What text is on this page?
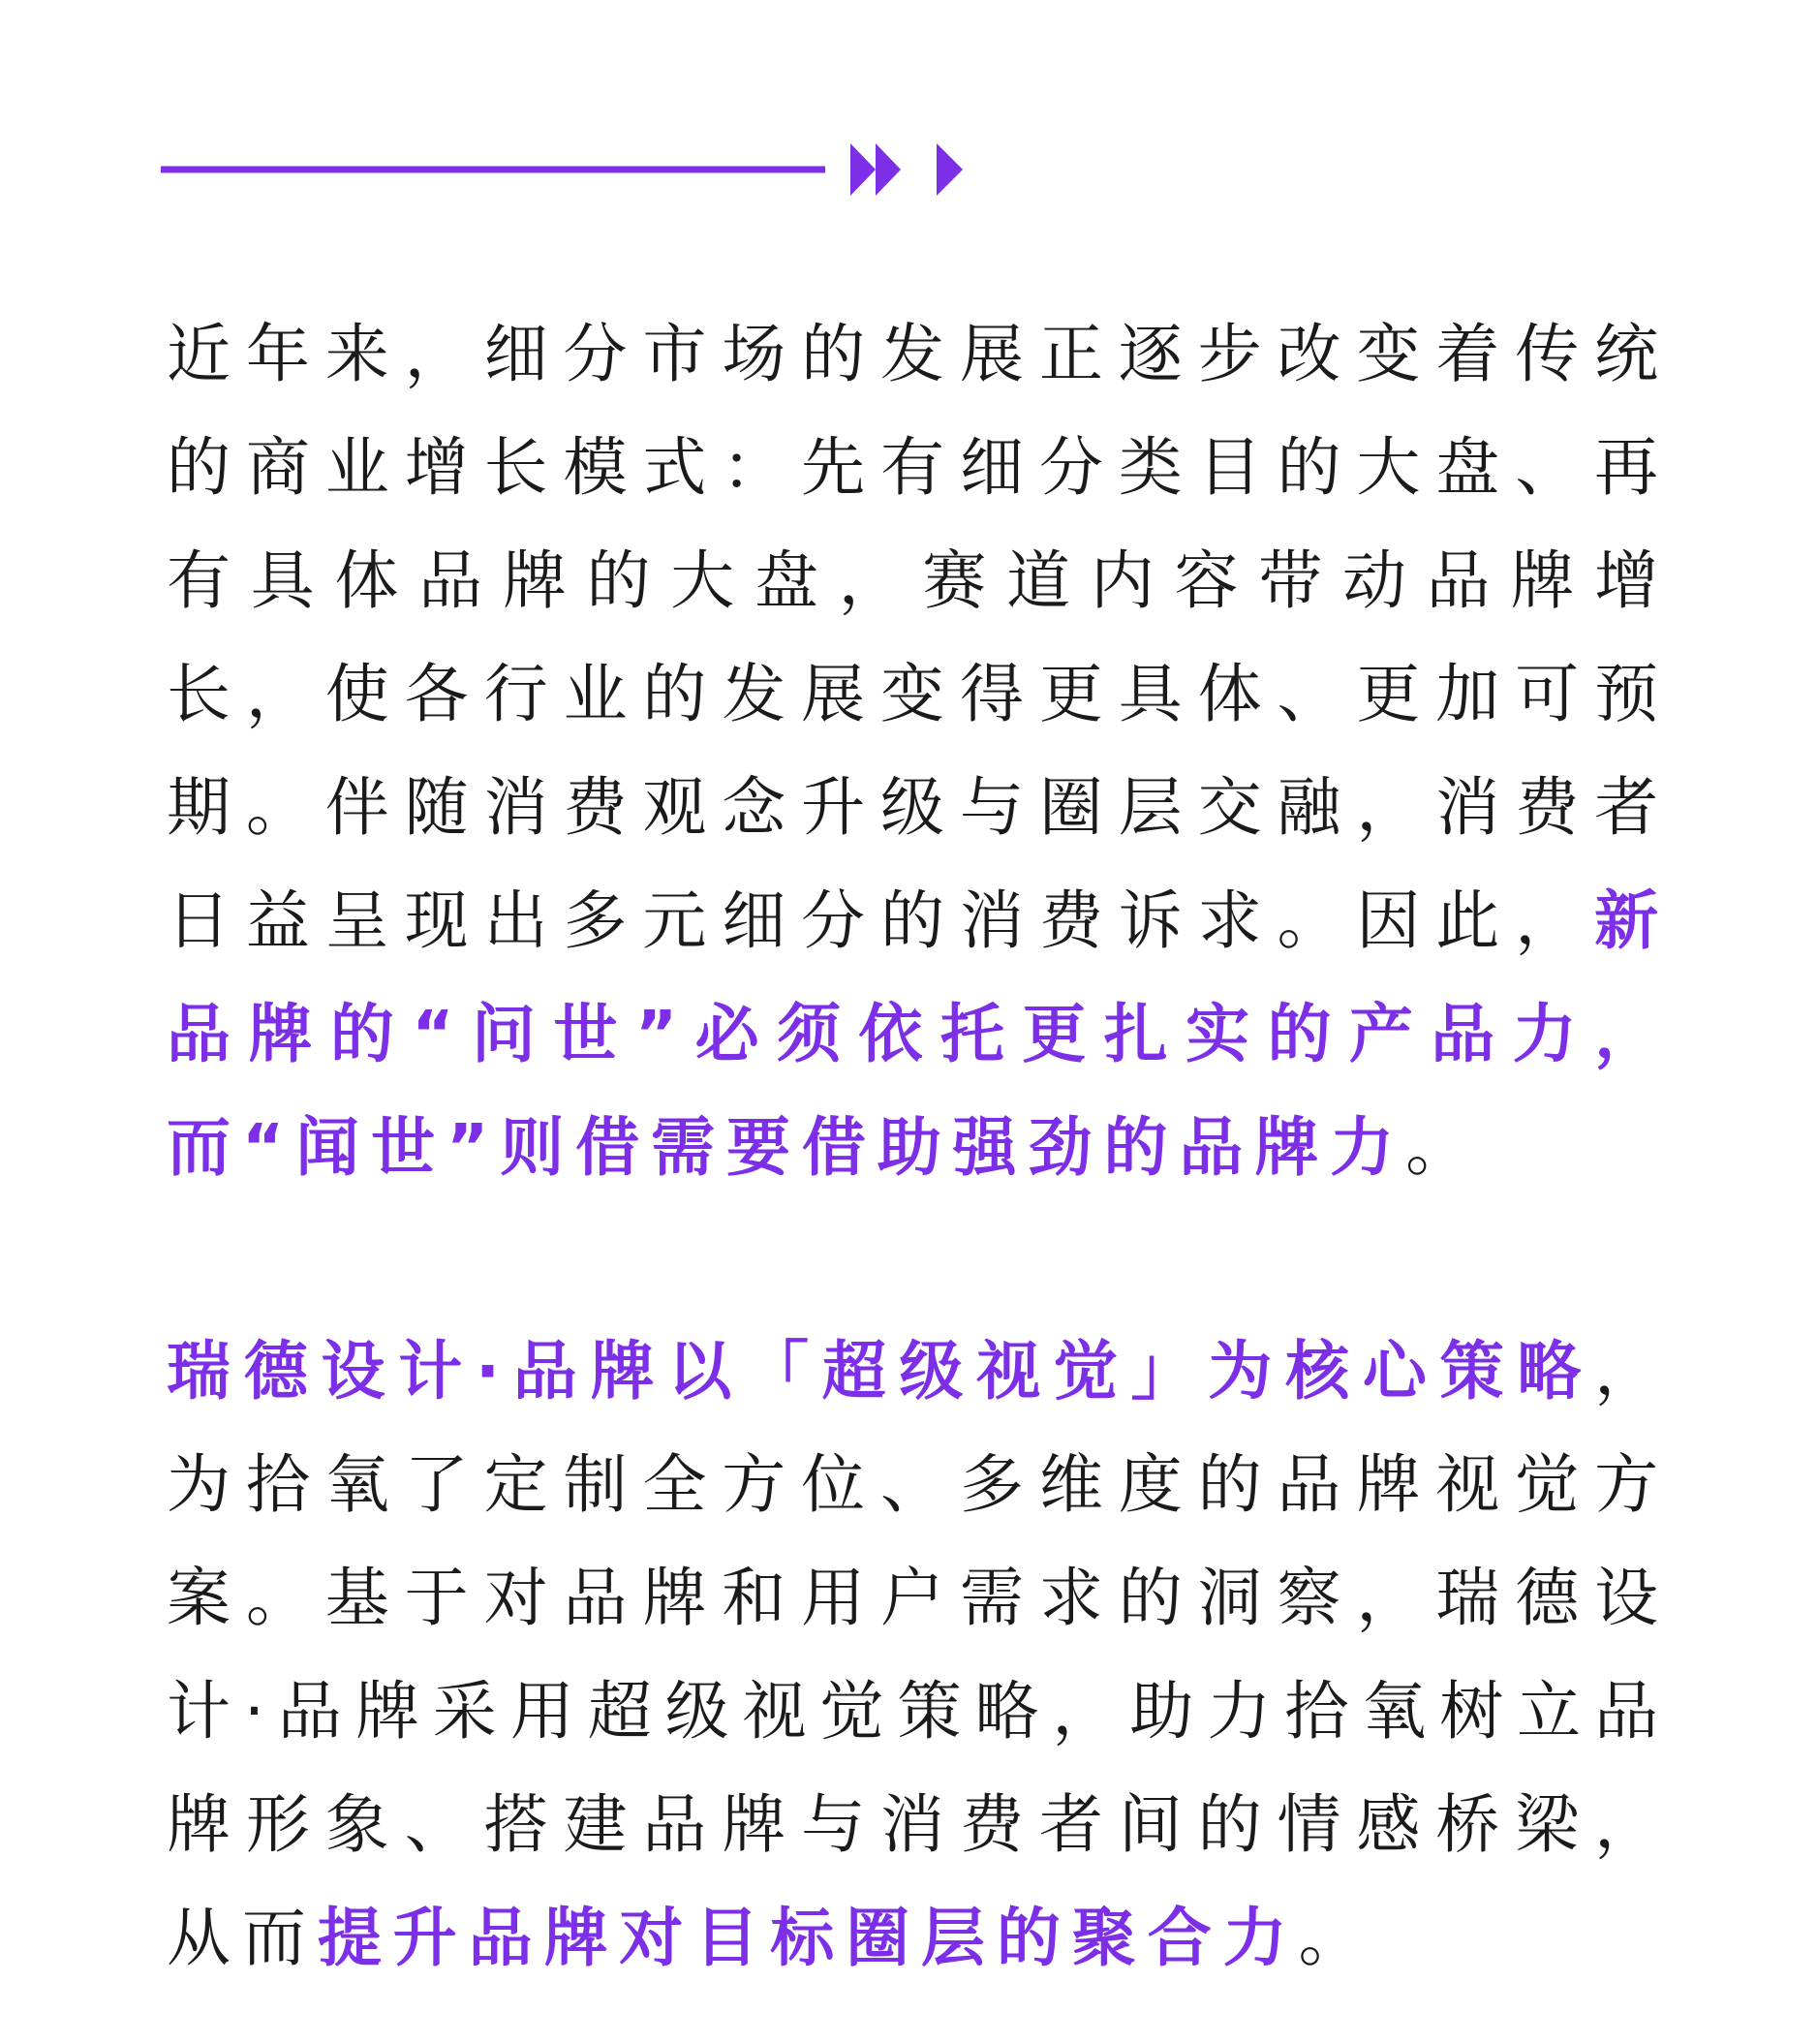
近年来，细分市场的发展正逐步改变着传统的商业增长模式：先有细分类目的大盘、再有具体品牌的大盘，赛道内容带动品牌增长，使各行业的发展变得更具体、更加可预期。伴随消费观念升级与圈层交融，消费者日益呈现出多元细分的消费诉求。因此，新品牌的“问世”必须依托更扎实的产品力，而“闻世”则借需要借助强劲的品牌力。

瑞德设计·品牌以「超级视觉」为核心策略，为拾氧了定制全方位、多维度的品牌视觉方案。基于对品牌和用户需求的洞察，瑞德设计·品牌采用超级视觉策略，助力拾氧树立品牌形象、搭建品牌与消费者间的情感桥梁，从而提升品牌对目标圈层的聚合力。
